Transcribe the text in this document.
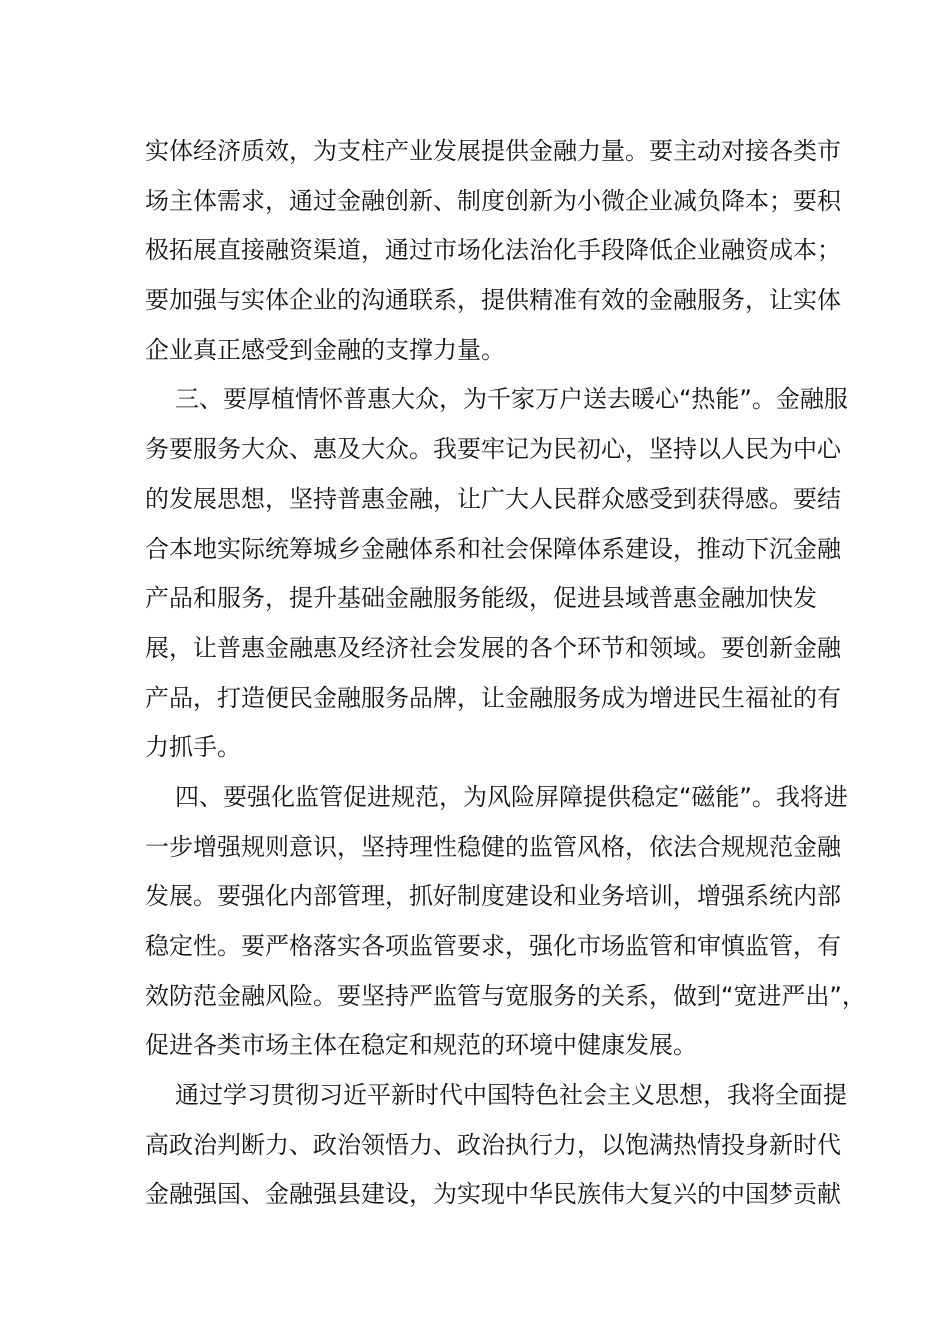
实体经济质效，为支柱产业发展提供金融力量。要主动对接各类市
场主体需求，通过金融创新、制度创新为小微企业减负降本；要积
极拓展直接融资渠道，通过市场化法治化手段降低企业融资成本；
要加强与实体企业的沟通联系，提供精准有效的金融服务，让实体
企业真正感受到金融的支撑力量。
三、要厚植情怀普惠大众，为千家万户送去暖心“热能”。金融服
务要服务大众、惠及大众。我要牢记为民初心，坚持以人民为中心
的发展思想，坚持普惠金融，让广大人民群众感受到获得感。要结
合本地实际统筹城乡金融体系和社会保障体系建设，推动下沉金融
产品和服务，提升基础金融服务能级，促进县域普惠金融加快发
展，让普惠金融惠及经济社会发展的各个环节和领域。要创新金融
产品，打造便民金融服务品牌，让金融服务成为增进民生福祉的有
力抓手。
四、要强化监管促进规范，为风险屏障提供稳定“磁能”。我将进
一步增强规则意识，坚持理性稳健的监管风格，依法合规规范金融
发展。要强化内部管理，抓好制度建设和业务培训，增强系统内部
稳定性。要严格落实各项监管要求，强化市场监管和审慎监管，有
效防范金融风险。要坚持严监管与宽服务的关系，做到“宽进严出”，
促进各类市场主体在稳定和规范的环境中健康发展。
通过学习贯彻习近平新时代中国特色社会主义思想，我将全面提
高政治判断力、政治领悟力、政治执行力，以饱满热情投身新时代
金融强国、金融强县建设，为实现中华民族伟大复兴的中国梦贡献
